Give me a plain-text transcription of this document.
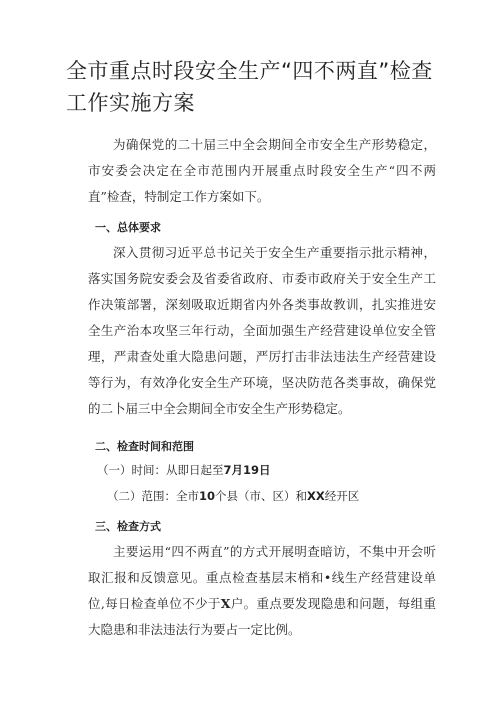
全市重点时段安全生产“四不两直”检查工作实施方案

为确保党的二十届三中全会期间全市安全生产形势稳定，市安委会决定在全市范围内开展重点时段安全生产“四不两直”检查，特制定工作方案如下。

一、总体要求

深入贯彻习近平总书记关于安全生产重要指示批示精神，落实国务院安委会及省委省政府、市委市政府关于安全生产工作决策部署，深刻吸取近期省内外各类事故教训，扎实推进安全生产治本攻坚三年行动，全面加强生产经营建设单位安全管理，严肃查处重大隐患问题，严厉打击非法违法生产经营建设等行为，有效净化安全生产环境，坚决防范各类事故，确保党的二卜届三中全会期间全市安全生产形势稳定。

二、检查时间和范围

（一）时间：从即日起至7月19日

（二）范围：全市10个县（市、区）和XX经开区

三、检查方式

主要运用“四不两直”的方式开展明查暗访，不集中开会听取汇报和反馈意见。重点检查基层末梢和•线生产经营建设单位,每日检查单位不少于X户。重点要发现隐患和问题，每组重大隐患和非法违法行为要占一定比例。
